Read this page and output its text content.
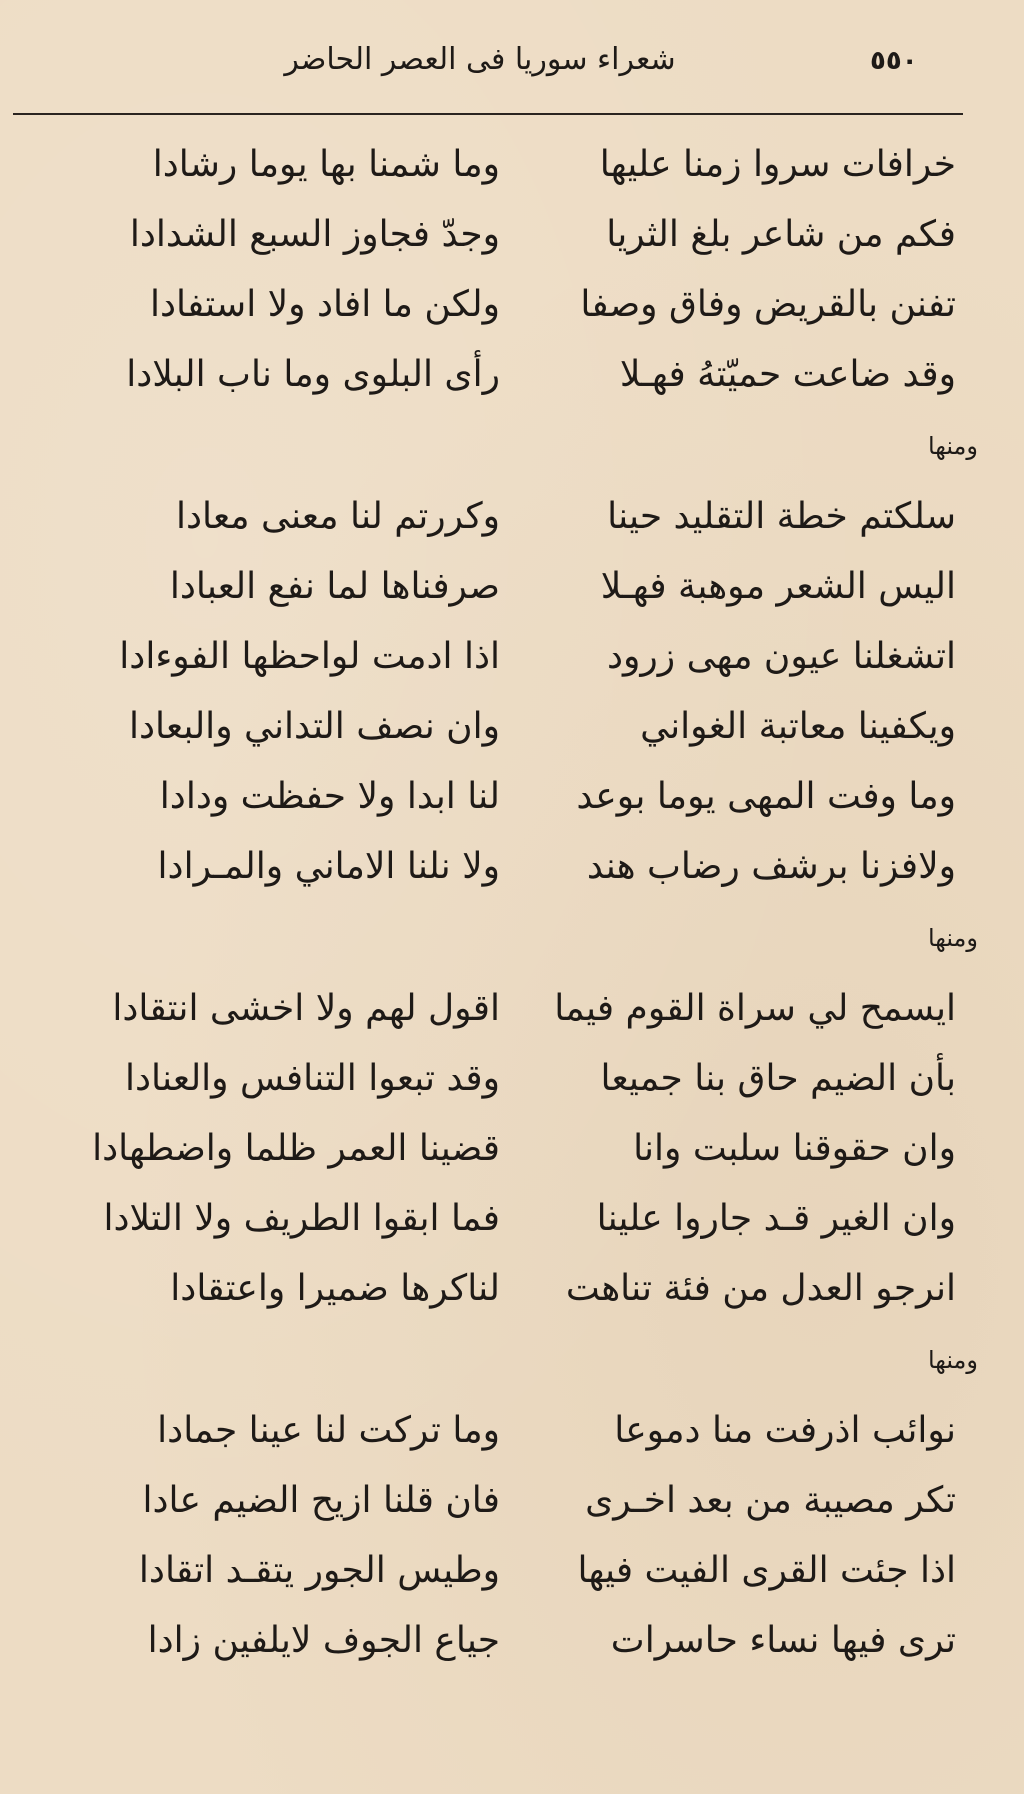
شعراء سوريا فى العصر الحاضر	٥٥٠
خرافات سروا زمنا عليها
وما شمنا بها يوما رشادا
فكم من شاعر بلغ الثريا
وجدّ فجاوز السبع الشدادا
تفنن بالقريض وفاق وصفا
ولكن ما افاد ولا استفادا
وقد ضاعت حميّتهُ فهـلا
رأى البلوى وما ناب البلادا
ومنها
سلكتم خطة التقليد حينا
وكررتم لنا معنى معادا
اليس الشعر موهبة فهـلا
صرفناها لما نفع العبادا
اتشغلنا عيون مهى زرود
اذا ادمت لواحظها الفوءادا
ويكفينا معاتبة الغواني
وان نصف التداني والبعادا
وما وفت المهى يوما بوعد
لنا ابدا ولا حفظت ودادا
ولافزنا برشف رضاب هند
ولا نلنا الاماني والمـرادا
ومنها
ايسمح لي سراة القوم فيما
اقول لهم ولا اخشى انتقادا
بأن الضيم حاق بنا جميعا
وقد تبعوا التنافس والعنادا
وان حقوقنا سلبت وانا
قضينا العمر ظلما واضطهادا
وان الغير قـد جاروا علينا
فما ابقوا الطريف ولا التلادا
انرجو العدل من فئة تناهت
لناكرها ضميرا واعتقادا
ومنها
نوائب اذرفت منا دموعا
وما تركت لنا عينا جمادا
تكر مصيبة من بعد اخـرى
فان قلنا ازيح الضيم عادا
اذا جئت القرى الفيت فيها
وطيس الجور يتقـد اتقادا
ترى فيها نساء حاسرات
جياع الجوف لايلفين زادا
